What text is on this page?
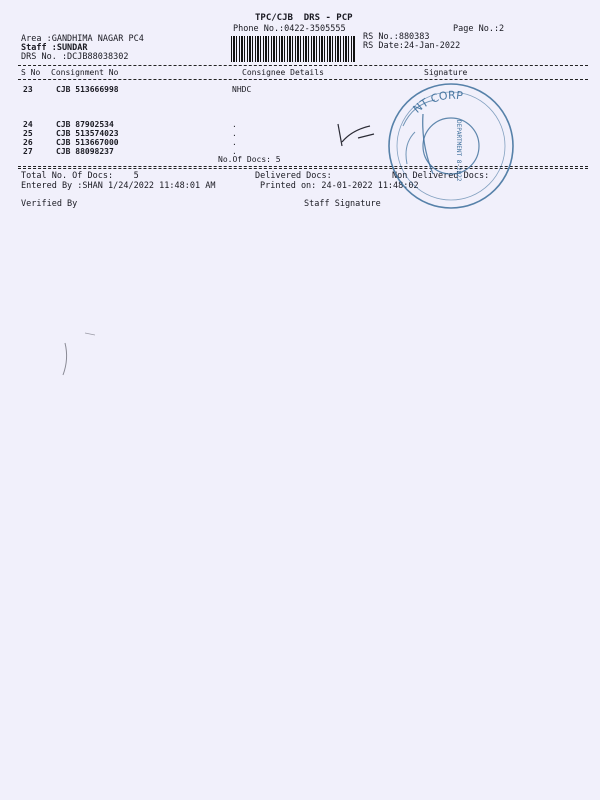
TPC/CJB  DRS - PCP
Phone No.:0422-3505555	Page No.:2
Area :GANDHIMA NAGAR PC4
Staff :SUNDAR
DRS No. :DCJB88038302
RS No.:880383
RS Date:24-Jan-2022
S No Consignment No	Consignee Details	Signature
23	CJB 513666998	NHDC
24	CJB 87902534	.
25	CJB 513574023	.
26	CJB 513667000	.
27	CJB 88098237	.
No.Of Docs: 5
Total No. Of Docs:    5	Delivered Docs:	Non Delivered Docs:
Entered By :SHAN 1/24/2022 11:48:01 AM	Printed on: 24-01-2022 11:48:02
Verified By	Staff Signature
NT CORP
DEPARTMENT 8-2022
